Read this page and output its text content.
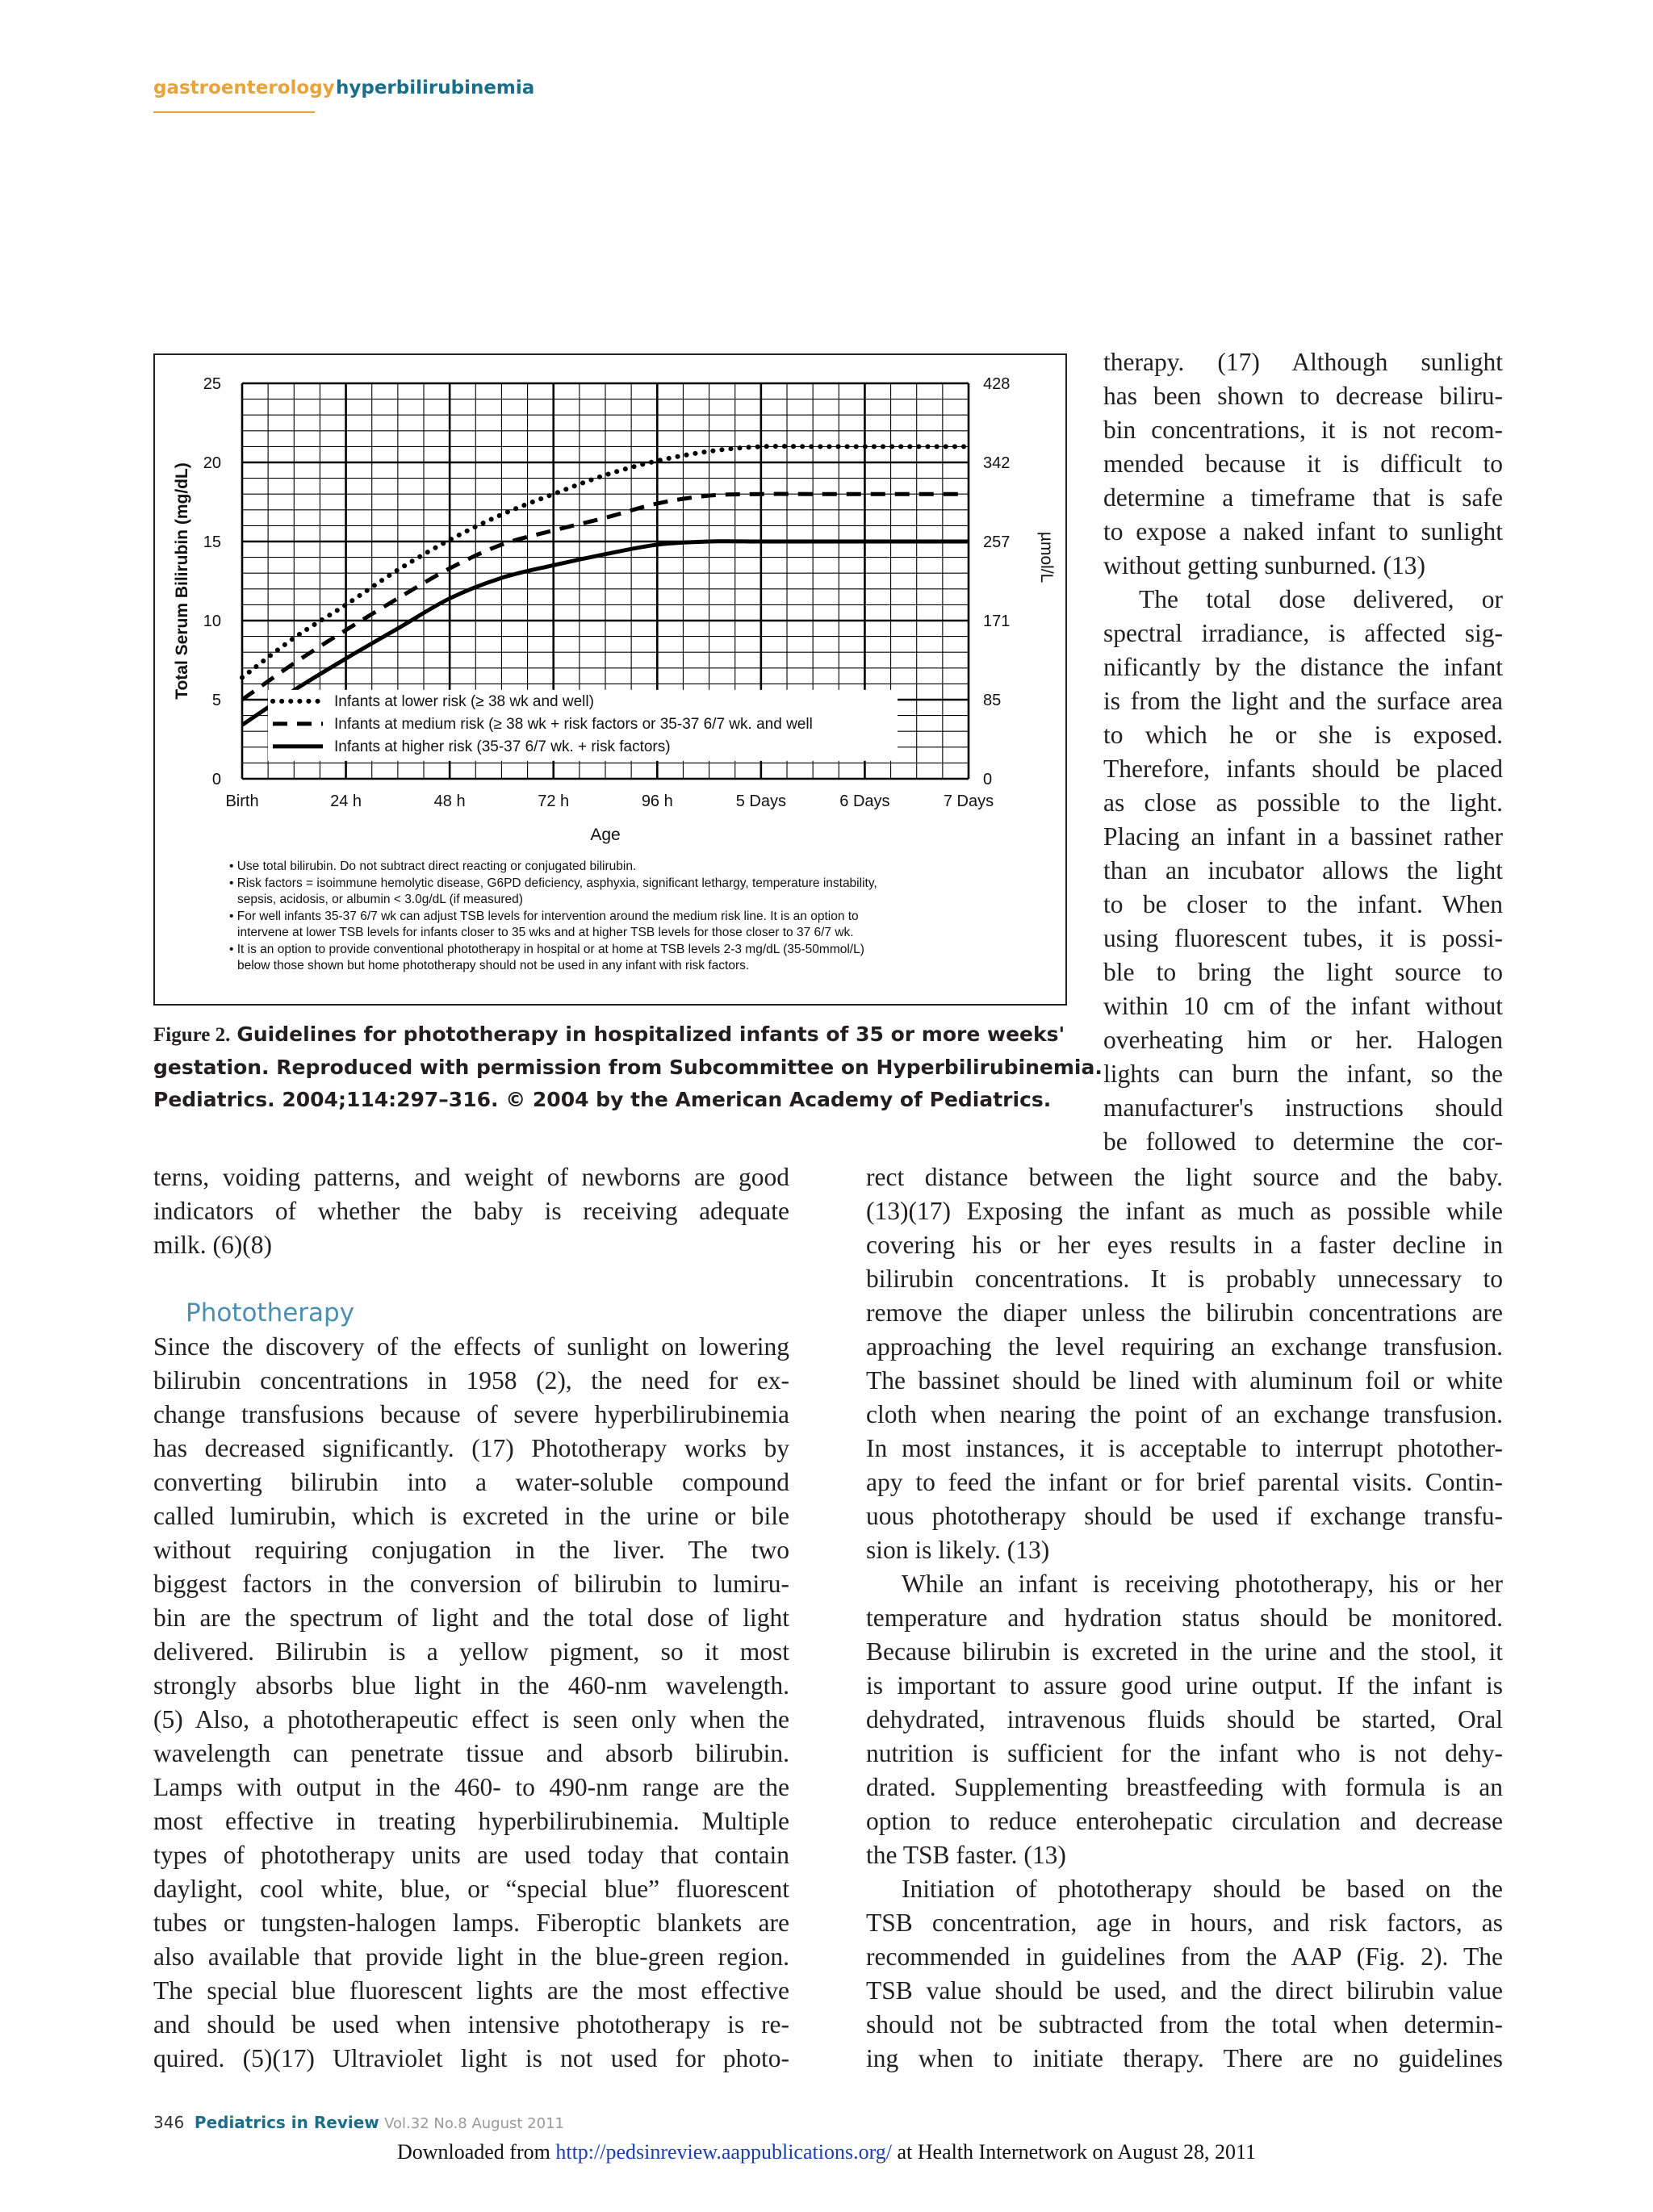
gastroenterology hyperbilirubinemia
0
5
10
15
20
25
0
85
171
257
342
428
Birth	24 h	48 h	72 h	96 h	5 Days	6 Days	7 Days
Age
Total Serum Bilirubin (mg/dL)	µmol/L
Infants at lower risk (≥ 38 wk and well)
Infants at medium risk (≥ 38 wk + risk factors or 35-37 6/7 wk. and well
Infants at higher risk (35-37 6/7 wk. + risk factors)
• Use total bilirubin. Do not subtract direct reacting or conjugated bilirubin.
• Risk factors = isoimmune hemolytic disease, G6PD deficiency, asphyxia, significant lethargy, temperature instability,
sepsis, acidosis, or albumin < 3.0g/dL (if measured)
• For well infants 35-37 6/7 wk can adjust TSB levels for intervention around the medium risk line. It is an option to
intervene at lower TSB levels for infants closer to 35 wks and at higher TSB levels for those closer to 37 6/7 wk.
• It is an option to provide conventional phototherapy in hospital or at home at TSB levels 2-3 mg/dL (35-50mmol/L)
below those shown but home phototherapy should not be used in any infant with risk factors.
Figure 2. Guidelines for phototherapy in hospitalized infants of 35 or more weeks'
gestation. Reproduced with permission from Subcommittee on Hyperbilirubinemia.
Pediatrics. 2004;114:297–316. © 2004 by the American Academy of Pediatrics.
therapy. (17) Although sunlight
has been shown to decrease biliru-
bin concentrations, it is not recom-
mended because it is difficult to
determine a timeframe that is safe
to expose a naked infant to sunlight
without getting sunburned. (13)
The total dose delivered, or
spectral irradiance, is affected sig-
nificantly by the distance the infant
is from the light and the surface area
to which he or she is exposed.
Therefore, infants should be placed
as close as possible to the light.
Placing an infant in a bassinet rather
than an incubator allows the light
to be closer to the infant. When
using fluorescent tubes, it is possi-
ble to bring the light source to
within 10 cm of the infant without
overheating him or her. Halogen
lights can burn the infant, so the
manufacturer's instructions should
be followed to determine the cor-
terns, voiding patterns, and weight of newborns are good
indicators of whether the baby is receiving adequate
milk. (6)(8)
Phototherapy
Since the discovery of the effects of sunlight on lowering
bilirubin concentrations in 1958 (2), the need for ex-
change transfusions because of severe hyperbilirubinemia
has decreased significantly. (17) Phototherapy works by
converting bilirubin into a water-soluble compound
called lumirubin, which is excreted in the urine or bile
without requiring conjugation in the liver. The two
biggest factors in the conversion of bilirubin to lumiru-
bin are the spectrum of light and the total dose of light
delivered. Bilirubin is a yellow pigment, so it most
strongly absorbs blue light in the 460-nm wavelength.
(5) Also, a phototherapeutic effect is seen only when the
wavelength can penetrate tissue and absorb bilirubin.
Lamps with output in the 460- to 490-nm range are the
most effective in treating hyperbilirubinemia. Multiple
types of phototherapy units are used today that contain
daylight, cool white, blue, or “special blue” fluorescent
tubes or tungsten-halogen lamps. Fiberoptic blankets are
also available that provide light in the blue-green region.
The special blue fluorescent lights are the most effective
and should be used when intensive phototherapy is re-
quired. (5)(17) Ultraviolet light is not used for photo-
rect distance between the light source and the baby.
(13)(17) Exposing the infant as much as possible while
covering his or her eyes results in a faster decline in
bilirubin concentrations. It is probably unnecessary to
remove the diaper unless the bilirubin concentrations are
approaching the level requiring an exchange transfusion.
The bassinet should be lined with aluminum foil or white
cloth when nearing the point of an exchange transfusion.
In most instances, it is acceptable to interrupt photother-
apy to feed the infant or for brief parental visits. Contin-
uous phototherapy should be used if exchange transfu-
sion is likely. (13)
While an infant is receiving phototherapy, his or her
temperature and hydration status should be monitored.
Because bilirubin is excreted in the urine and the stool, it
is important to assure good urine output. If the infant is
dehydrated, intravenous fluids should be started, Oral
nutrition is sufficient for the infant who is not dehy-
drated. Supplementing breastfeeding with formula is an
option to reduce enterohepatic circulation and decrease
the TSB faster. (13)
Initiation of phototherapy should be based on the
TSB concentration, age in hours, and risk factors, as
recommended in guidelines from the AAP (Fig. 2). The
TSB value should be used, and the direct bilirubin value
should not be subtracted from the total when determin-
ing when to initiate therapy. There are no guidelines
346 Pediatrics in Review Vol.32 No.8 August 2011
Downloaded from http://pedsinreview.aappublications.org/ at Health Internetwork on August 28, 2011
